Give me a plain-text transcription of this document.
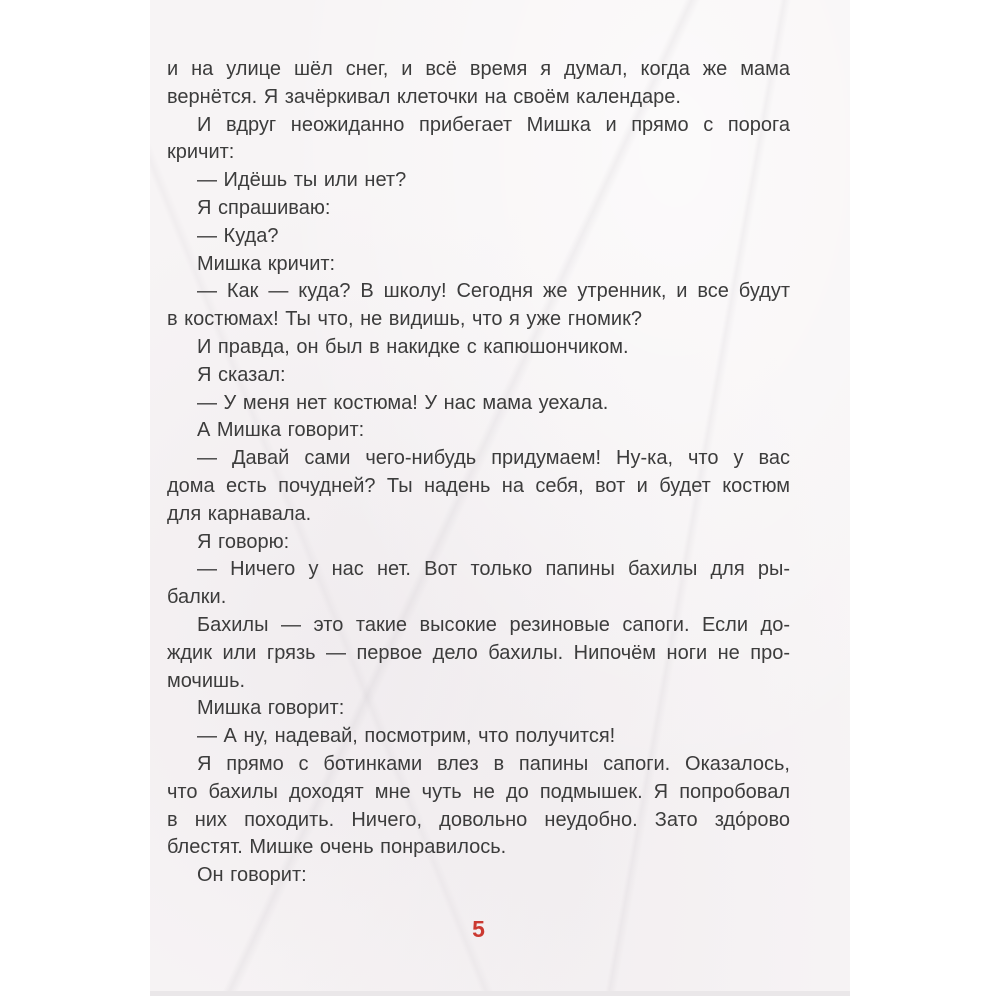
и на улице шёл снег, и всё время я думал, когда же мама
вернётся. Я зачёркивал клеточки на своём календаре.
И вдруг неожиданно прибегает Мишка и прямо с порога
кричит:
— Идёшь ты или нет?
Я спрашиваю:
— Куда?
Мишка кричит:
— Как — куда? В школу! Сегодня же утренник, и все будут
в костюмах! Ты что, не видишь, что я уже гномик?
И правда, он был в накидке с капюшончиком.
Я сказал:
— У меня нет костюма! У нас мама уехала.
А Мишка говорит:
— Давай сами чего-нибудь придумаем! Ну-ка, что у вас
дома есть почудней? Ты надень на себя, вот и будет костюм
для карнавала.
Я говорю:
— Ничего у нас нет. Вот только папины бахилы для ры-
балки.
Бахилы — это такие высокие резиновые сапоги. Если до-
ждик или грязь — первое дело бахилы. Нипочём ноги не про-
мочишь.
Мишка говорит:
— А ну, надевай, посмотрим, что получится!
Я прямо с ботинками влез в папины сапоги. Оказалось,
что бахилы доходят мне чуть не до подмышек. Я попробовал
в них походить. Ничего, довольно неудобно. Зато здо́рово
блестят. Мишке очень понравилось.
Он говорит:
5
